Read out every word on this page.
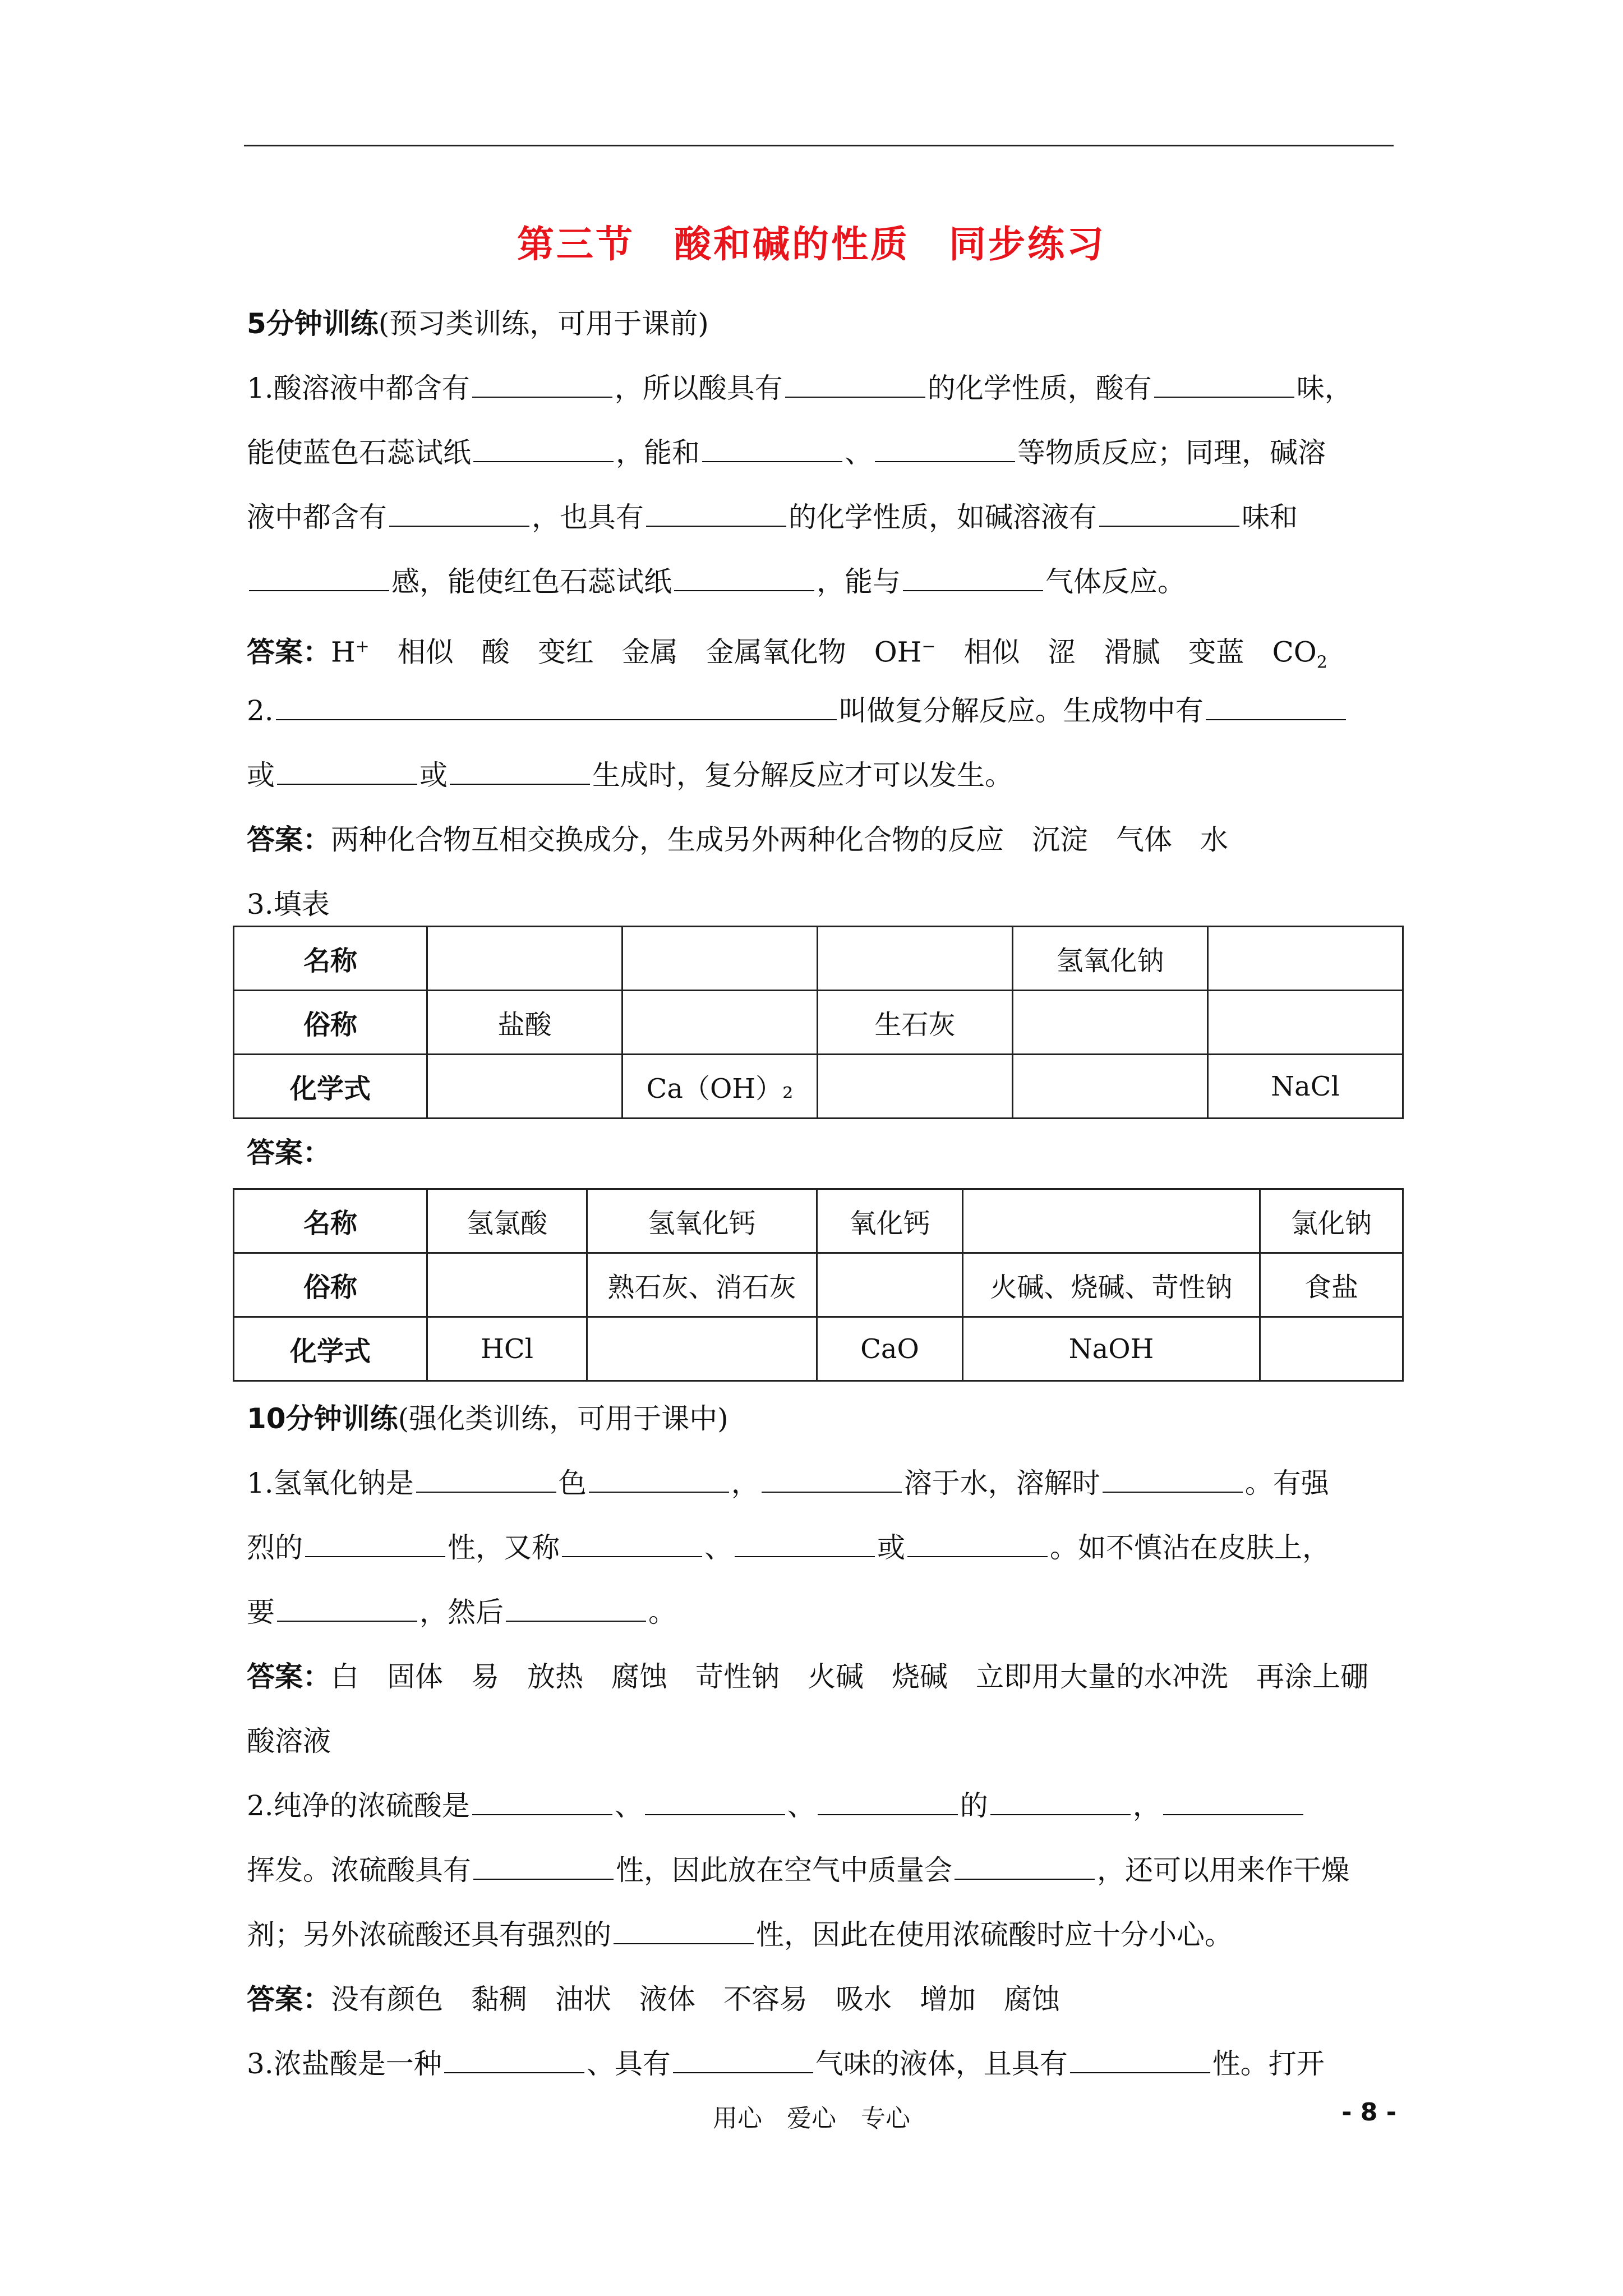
第三节　酸和碱的性质　同步练习
5分钟训练(预习类训练，可用于课前)
1.酸溶液中都含有	，所以酸具有	的化学性质，酸有	味，
能使蓝色石蕊试纸	，能和	、	等物质反应；同理，碱溶
液中都含有	，也具有	的化学性质，如碱溶液有	味和
感，能使红色石蕊试纸	，能与	气体反应。
答案：H+　相似　酸　变红　金属　金属氧化物　OH−　相似　涩　滑腻　变蓝　$CO_2$
2.	叫做复分解反应。生成物中有
或	或	生成时，复分解反应才可以发生。
答案：两种化合物互相交换成分，生成另外两种化合物的反应　沉淀　气体　水
3.填表
名称				氢氧化钠	
俗称	盐酸		生石灰		
化学式		Ca（OH）₂			NaCl
答案：
名称	氢氯酸	氢氧化钙	氧化钙		氯化钠
俗称		熟石灰、消石灰		火碱、烧碱、苛性钠	食盐
化学式	HCl		CaO	NaOH	
10分钟训练(强化类训练，可用于课中)
1.氢氧化钠是	色	，	溶于水，溶解时	。有强
烈的	性，又称	、	或	。如不慎沾在皮肤上，
要	，然后	。
答案：白　固体　易　放热　腐蚀　苛性钠　火碱　烧碱　立即用大量的水冲洗　再涂上硼
酸溶液
2.纯净的浓硫酸是	、	、	的	，
挥发。浓硫酸具有	性，因此放在空气中质量会	，还可以用来作干燥
剂；另外浓硫酸还具有强烈的	性，因此在使用浓硫酸时应十分小心。
答案：没有颜色　黏稠　油状　液体　不容易　吸水　增加　腐蚀
3.浓盐酸是一种	、具有	气味的液体，且具有	性。打开
用心　爱心　专心	- 8 -
